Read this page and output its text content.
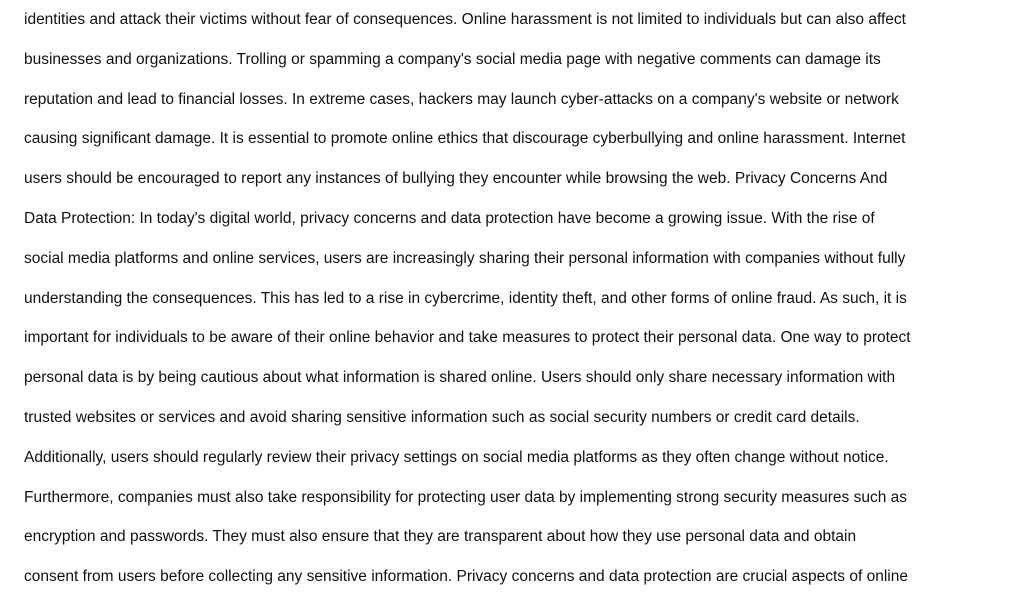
identities and attack their victims without fear of consequences. Online harassment is not limited to individuals but can also affect
businesses and organizations. Trolling or spamming a company's social media page with negative comments can damage its
reputation and lead to financial losses. In extreme cases, hackers may launch cyber-attacks on a company's website or network
causing significant damage. It is essential to promote online ethics that discourage cyberbullying and online harassment. Internet
users should be encouraged to report any instances of bullying they encounter while browsing the web. Privacy Concerns And
Data Protection: In today's digital world, privacy concerns and data protection have become a growing issue. With the rise of
social media platforms and online services, users are increasingly sharing their personal information with companies without fully
understanding the consequences. This has led to a rise in cybercrime, identity theft, and other forms of online fraud. As such, it is
important for individuals to be aware of their online behavior and take measures to protect their personal data. One way to protect
personal data is by being cautious about what information is shared online. Users should only share necessary information with
trusted websites or services and avoid sharing sensitive information such as social security numbers or credit card details.
Additionally, users should regularly review their privacy settings on social media platforms as they often change without notice.
Furthermore, companies must also take responsibility for protecting user data by implementing strong security measures such as
encryption and passwords. They must also ensure that they are transparent about how they use personal data and obtain
consent from users before collecting any sensitive information. Privacy concerns and data protection are crucial aspects of online
